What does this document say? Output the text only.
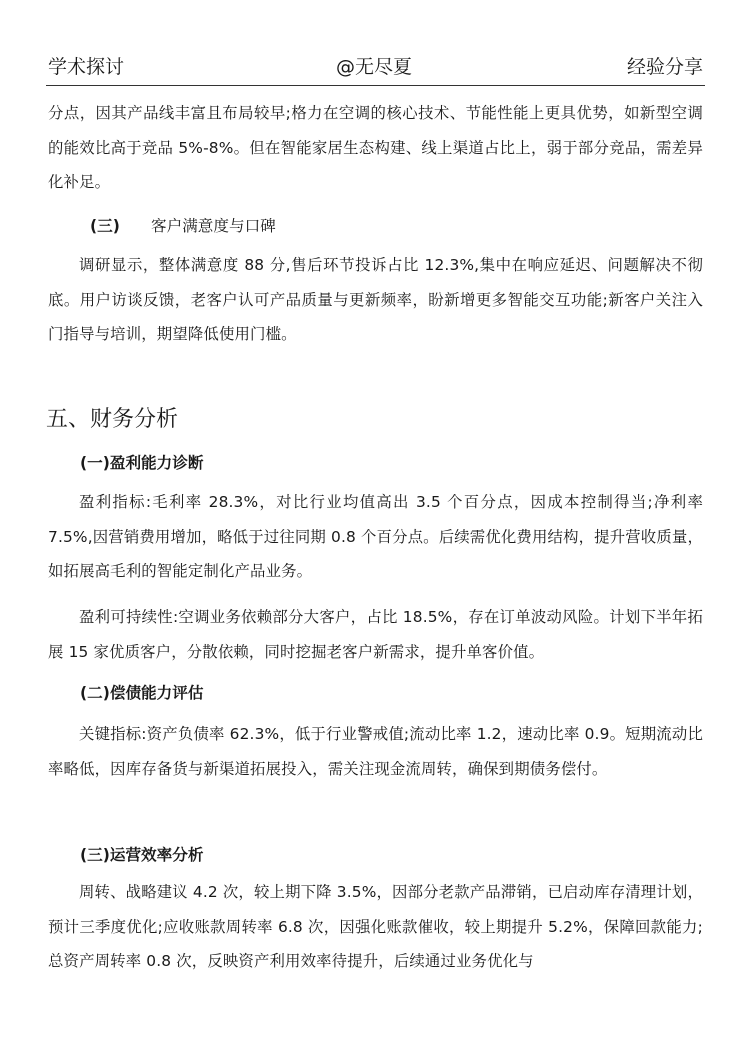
学术探讨	@无尽夏	经验分享

分点，因其产品线丰富且布局较早;格力在空调的核心技术、节能性能上更具优势，如新型空调的能效比高于竞品 5%-8%。但在智能家居生态构建、线上渠道占比上，弱于部分竞品，需差异化补足。

(三) 客户满意度与口碑

调研显示，整体满意度 88 分,售后环节投诉占比 12.3%,集中在响应延迟、问题解决不彻底。用户访谈反馈，老客户认可产品质量与更新频率，盼新增更多智能交互功能;新客户关注入门指导与培训，期望降低使用门槛。

五、财务分析
(一)盈利能力诊断

盈利指标:毛利率 28.3%，对比行业均值高出 3.5 个百分点，因成本控制得当;净利率 7.5%,因营销费用增加，略低于过往同期 0.8 个百分点。后续需优化费用结构，提升营收质量，如拓展高毛利的智能定制化产品业务。

盈利可持续性:空调业务依赖部分大客户，占比 18.5%，存在订单波动风险。计划下半年拓展 15 家优质客户，分散依赖，同时挖掘老客户新需求，提升单客价值。

(二)偿债能力评估

关键指标:资产负债率 62.3%，低于行业警戒值;流动比率 1.2，速动比率 0.9。短期流动比率略低，因库存备货与新渠道拓展投入，需关注现金流周转，确保到期债务偿付。

(三)运营效率分析

周转、战略建议 4.2 次，较上期下降 3.5%，因部分老款产品滞销，已启动库存清理计划，预计三季度优化;应收账款周转率 6.8 次，因强化账款催收，较上期提升 5.2%，保障回款能力;总资产周转率 0.8 次，反映资产利用效率待提升，后续通过业务优化与
